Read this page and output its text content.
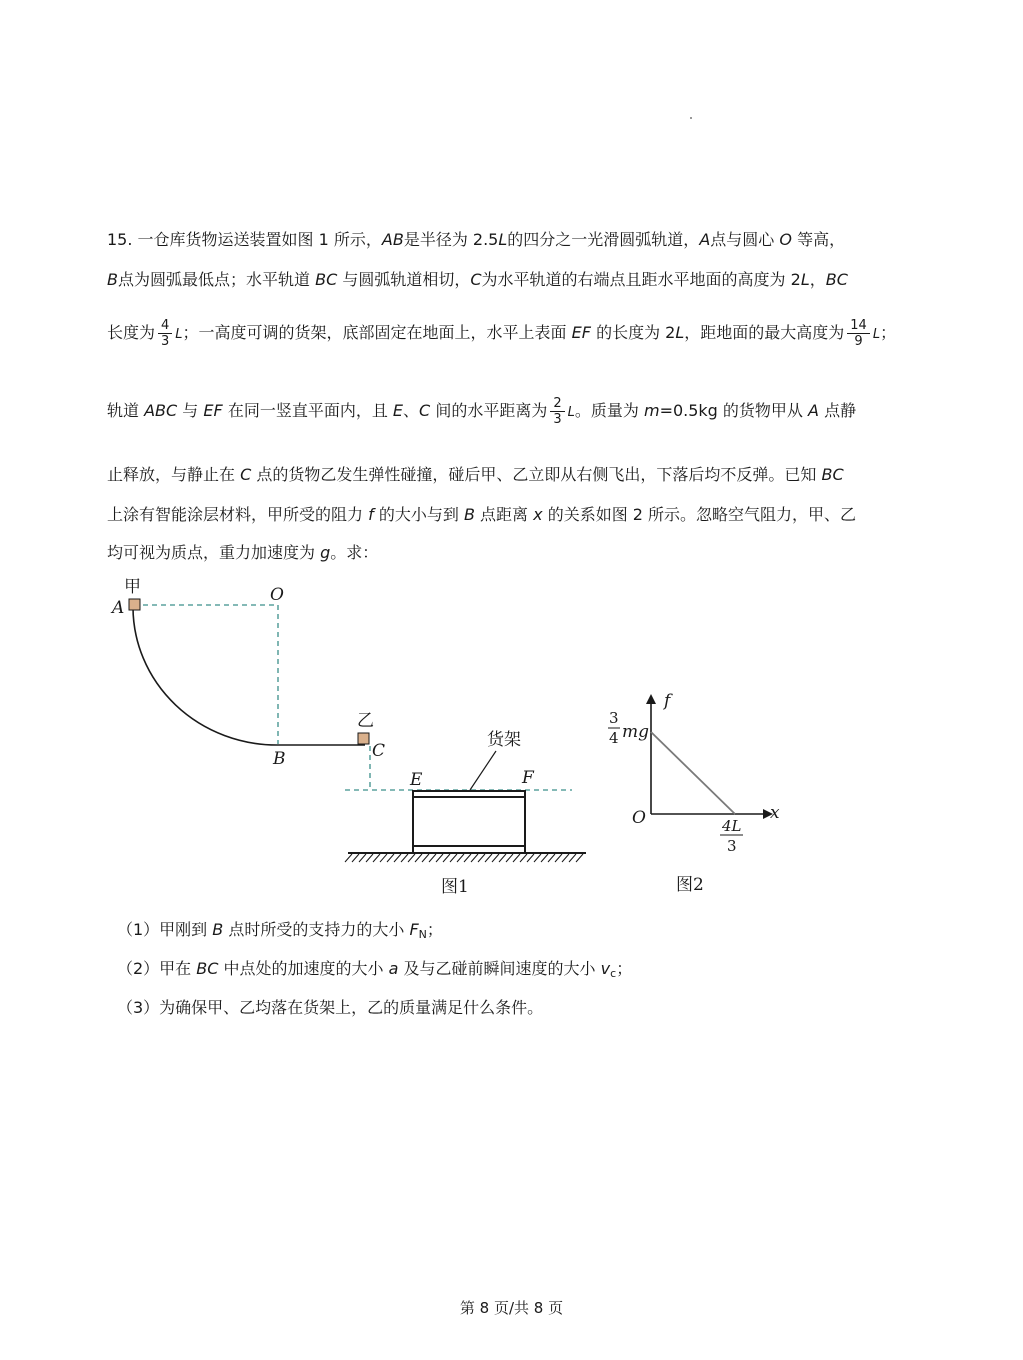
15. 一仓库货物运送装置如图 1 所示，AB是半径为 2.5L的四分之一光滑圆弧轨道，A点与圆心 O 等高，
B点为圆弧最低点；水平轨道 BC 与圆弧轨道相切，C为水平轨道的右端点且距水平地面的高度为 2L，BC
长度为 $\frac{4}{3}$ L；一高度可调的货架，底部固定在地面上，水平上表面 EF 的长度为 2L，距地面的最大高度为 $\frac{14}{9}$ L；
轨道 ABC 与 EF 在同一竖直平面内，且 E、C 间的水平距离为 $\frac{2}{3}$ L。质量为 m=0.5kg 的货物甲从 A 点静
止释放，与静止在 C 点的货物乙发生弹性碰撞，碰后甲、乙立即从右侧飞出，下落后均不反弹。已知 BC
上涂有智能涂层材料，甲所受的阻力 f 的大小与到 B 点距离 x 的关系如图 2 所示。忽略空气阻力，甲、乙
均可视为质点，重力加速度为 g。求：
甲
A
O
乙
C
B
E	F
货架
图1
f
x
O
3
4 mg
4L
3
图2
（1）甲刚到 B 点时所受的支持力的大小 $F_N$；
（2）甲在 BC 中点处的加速度的大小 a 及与乙碰前瞬间速度的大小 $v_c$；
（3）为确保甲、乙均落在货架上，乙的质量满足什么条件。
第 8 页/共 8 页
